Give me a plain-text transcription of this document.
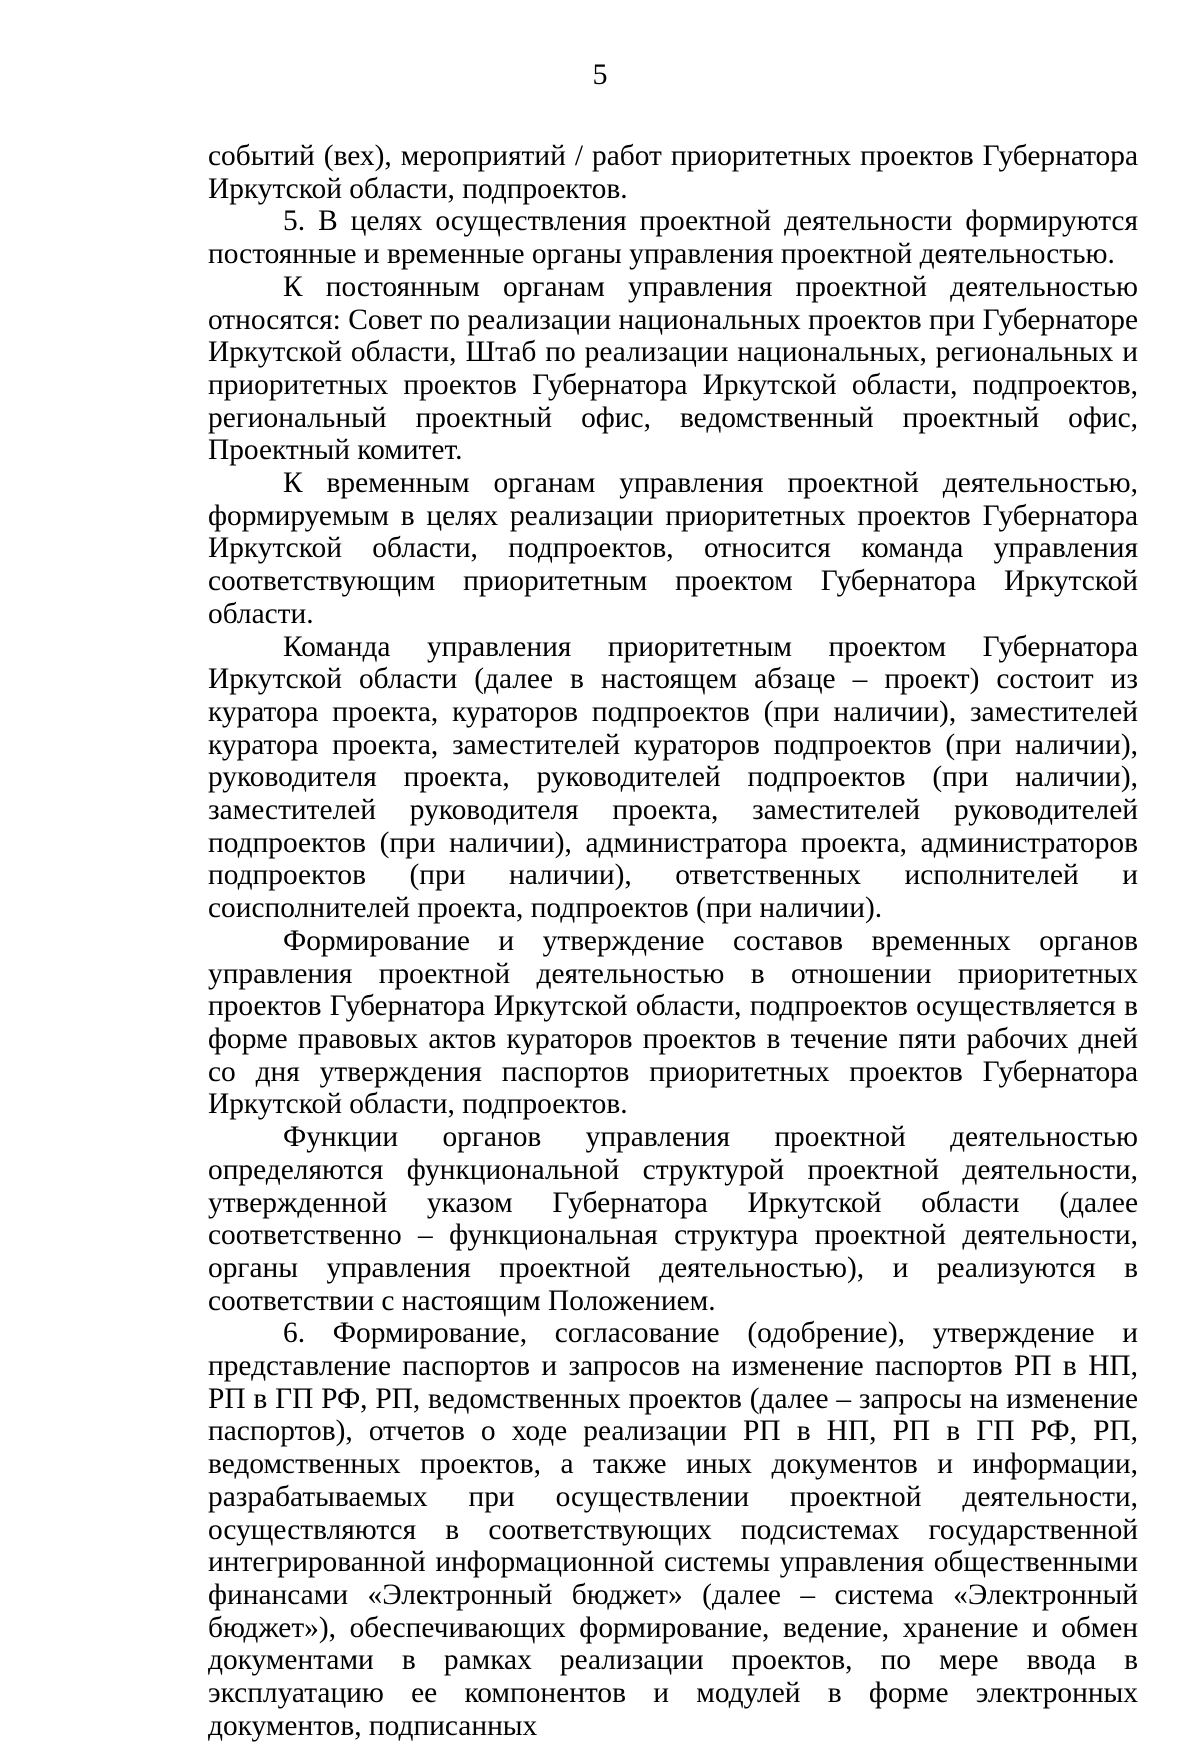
5

событий (вех), мероприятий / работ приоритетных проектов Губернатора Иркутской области, подпроектов.

5. В целях осуществления проектной деятельности формируются постоянные и временные органы управления проектной деятельностью.

К постоянным органам управления проектной деятельностью относятся: Совет по реализации национальных проектов при Губернаторе Иркутской области, Штаб по реализации национальных, региональных и приоритетных проектов Губернатора Иркутской области, подпроектов, региональный проектный офис, ведомственный проектный офис, Проектный комитет.

К временным органам управления проектной деятельностью, формируемым в целях реализации приоритетных проектов Губернатора Иркутской области, подпроектов, относится команда управления соответствующим приоритетным проектом Губернатора Иркутской области.

Команда управления приоритетным проектом Губернатора Иркутской области (далее в настоящем абзаце – проект) состоит из куратора проекта, кураторов подпроектов (при наличии), заместителей куратора проекта, заместителей кураторов подпроектов (при наличии), руководителя проекта, руководителей подпроектов (при наличии), заместителей руководителя проекта, заместителей руководителей подпроектов (при наличии), администратора проекта, администраторов подпроектов (при наличии), ответственных исполнителей и соисполнителей проекта, подпроектов (при наличии).

Формирование и утверждение составов временных органов управления проектной деятельностью в отношении приоритетных проектов Губернатора Иркутской области, подпроектов осуществляется в форме правовых актов кураторов проектов в течение пяти рабочих дней со дня утверждения паспортов приоритетных проектов Губернатора Иркутской области, подпроектов.

Функции органов управления проектной деятельностью определяются функциональной структурой проектной деятельности, утвержденной указом Губернатора Иркутской области (далее соответственно – функциональная структура проектной деятельности, органы управления проектной деятельностью), и реализуются в соответствии с настоящим Положением.

6. Формирование, согласование (одобрение), утверждение и представление паспортов и запросов на изменение паспортов РП в НП, РП в ГП РФ, РП, ведомственных проектов (далее – запросы на изменение паспортов), отчетов о ходе реализации РП в НП, РП в ГП РФ, РП, ведомственных проектов, а также иных документов и информации, разрабатываемых при осуществлении проектной деятельности, осуществляются в соответствующих подсистемах государственной интегрированной информационной системы управления общественными финансами «Электронный бюджет» (далее – система «Электронный бюджет»), обеспечивающих формирование, ведение, хранение и обмен документами в рамках реализации проектов, по мере ввода в эксплуатацию ее компонентов и модулей в форме электронных документов, подписанных
